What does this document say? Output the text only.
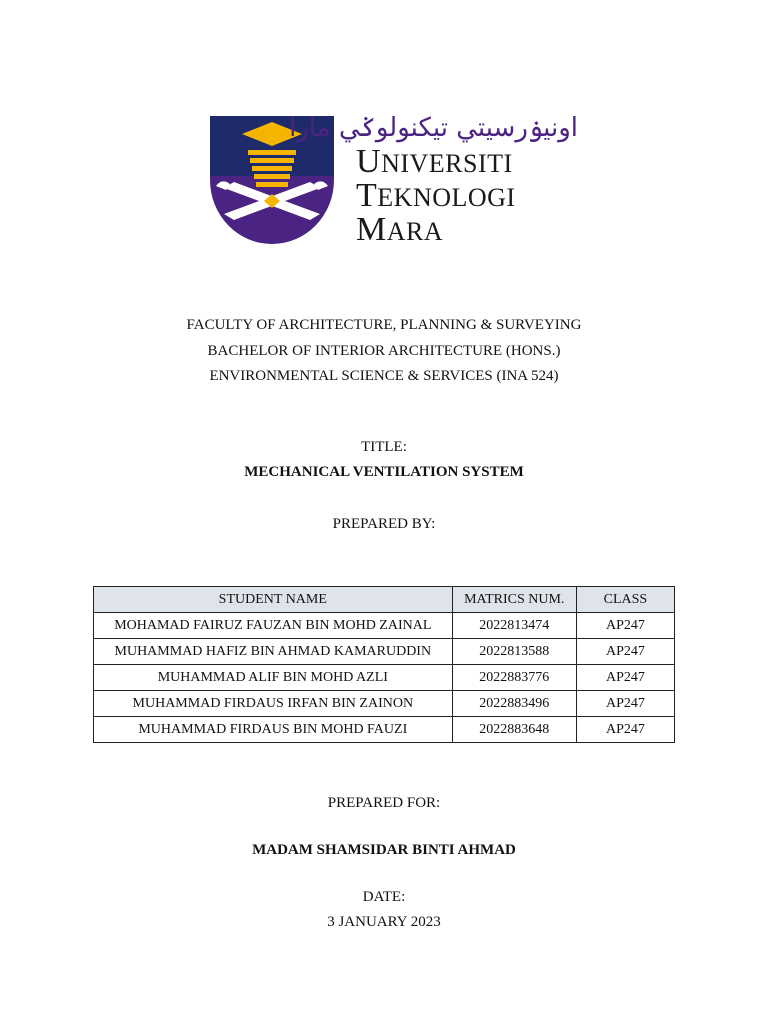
اونيۏرسيتي تيکنولوݢي مارا
UNIVERSITI
TEKNOLOGI
MARA
FACULTY OF ARCHITECTURE, PLANNING & SURVEYING
BACHELOR OF INTERIOR ARCHITECTURE (HONS.)
ENVIRONMENTAL SCIENCE & SERVICES (INA 524)
TITLE:
MECHANICAL VENTILATION SYSTEM
PREPARED BY:
STUDENT NAME	MATRICS NUM.	CLASS
MOHAMAD FAIRUZ FAUZAN BIN MOHD ZAINAL	2022813474	AP247
MUHAMMAD HAFIZ BIN AHMAD KAMARUDDIN	2022813588	AP247
MUHAMMAD ALIF BIN MOHD AZLI	2022883776	AP247
MUHAMMAD FIRDAUS IRFAN BIN ZAINON	2022883496	AP247
MUHAMMAD FIRDAUS BIN MOHD FAUZI	2022883648	AP247
PREPARED FOR:
MADAM SHAMSIDAR BINTI AHMAD
DATE:
3 JANUARY 2023
